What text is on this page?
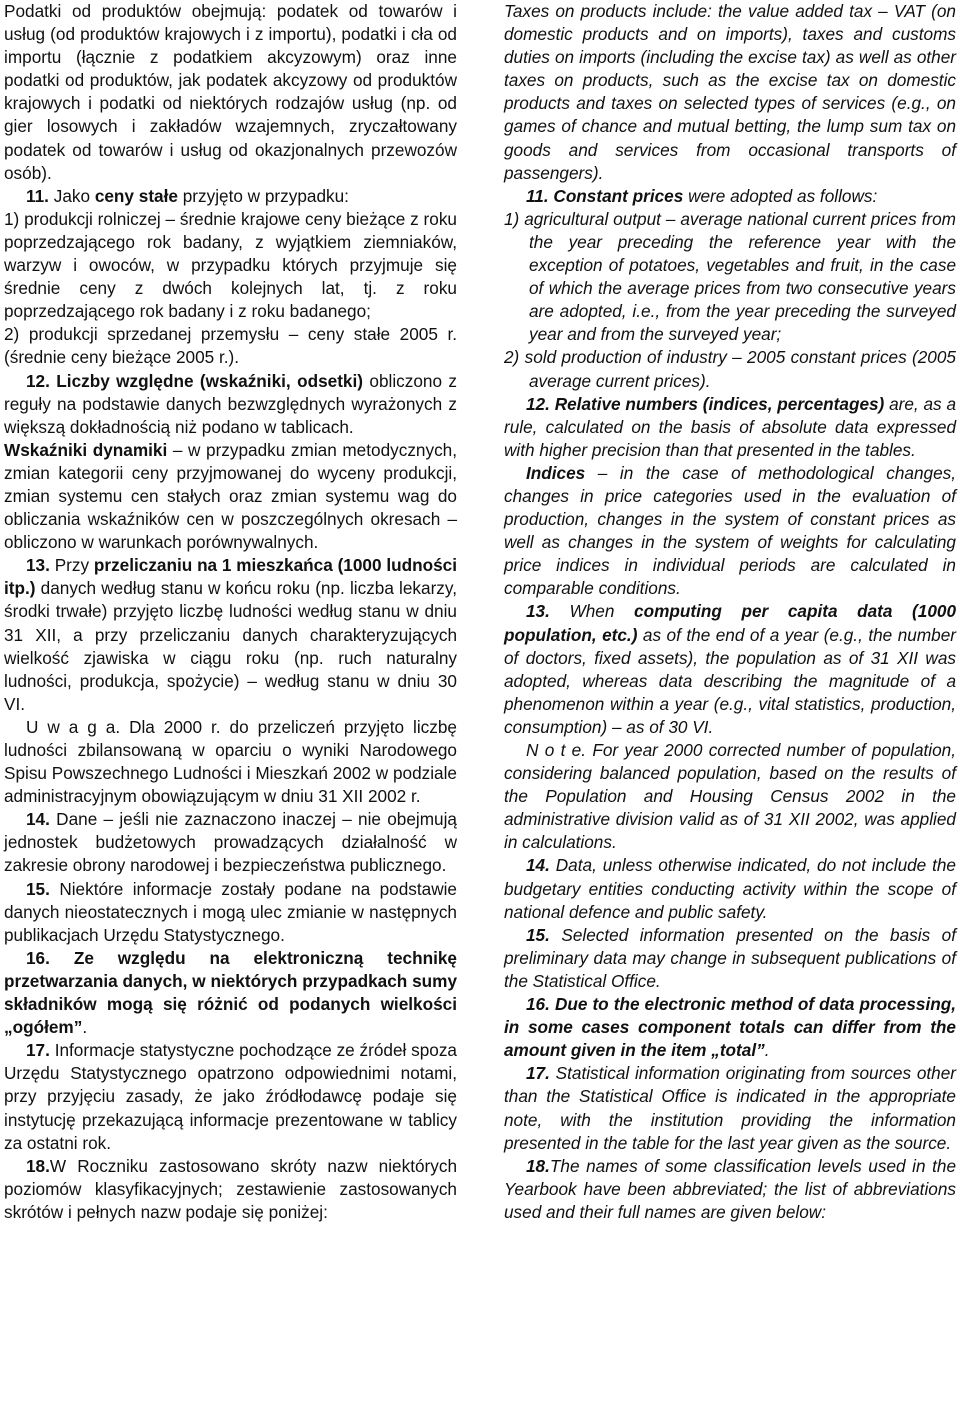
Podatki od produktów obejmują: podatek od towarów i usług (od produktów krajowych i z importu), podatki i cła od importu (łącznie z podatkiem akcyzowym) oraz inne podatki od produktów, jak podatek akcyzowy od produktów krajowych i podatki od niektórych rodzajów usług (np. od gier losowych i zakładów wzajemnych, zryczałtowany podatek od towarów i usług od okazjonalnych przewozów osób).

11. Jako ceny stałe przyjęto w przypadku:

1) produkcji rolniczej – średnie krajowe ceny bieżące z roku poprzedzającego rok badany, z wyjątkiem ziemniaków, warzyw i owoców, w przypadku których przyjmuje się średnie ceny z dwóch kolejnych lat, tj. z roku poprzedzającego rok badany i z roku badanego;

2) produkcji sprzedanej przemysłu – ceny stałe 2005 r. (średnie ceny bieżące 2005 r.).

12. Liczby względne (wskaźniki, odsetki) obliczono z reguły na podstawie danych bezwzględnych wyrażonych z większą dokładnością niż podano w tablicach.

Wskaźniki dynamiki – w przypadku zmian metodycznych, zmian kategorii ceny przyjmowanej do wyceny produkcji, zmian systemu cen stałych oraz zmian systemu wag do obliczania wskaźników cen w poszczególnych okresach – obliczono w warunkach porównywalnych.

13. Przy przeliczaniu na 1 mieszkańca (1000 ludności itp.) danych według stanu w końcu roku (np. liczba lekarzy, środki trwałe) przyjęto liczbę ludności według stanu w dniu 31 XII, a przy przeliczaniu danych charakteryzujących wielkość zjawiska w ciągu roku (np. ruch naturalny ludności, produkcja, spożycie) – według stanu w dniu 30 VI.

U w a g a. Dla 2000 r. do przeliczeń przyjęto liczbę ludności zbilansowaną w oparciu o wyniki Narodowego Spisu Powszechnego Ludności i Mieszkań 2002 w podziale administracyjnym obowiązującym w dniu 31 XII 2002 r.

14. Dane – jeśli nie zaznaczono inaczej – nie obejmują jednostek budżetowych prowadzących działalność w zakresie obrony narodowej i bezpieczeństwa publicznego.

15. Niektóre informacje zostały podane na podstawie danych nieostatecznych i mogą ulec zmianie w następnych publikacjach Urzędu Statystycznego.

16. Ze względu na elektroniczną technikę przetwarzania danych, w niektórych przypadkach sumy składników mogą się różnić od podanych wielkości „ogółem”.

17. Informacje statystyczne pochodzące ze źródeł spoza Urzędu Statystycznego opatrzono odpowiednimi notami, przy przyjęciu zasady, że jako źródłodawcę podaje się instytucję przekazującą informacje prezentowane w tablicy za ostatni rok.

18.W Roczniku zastosowano skróty nazw niektórych poziomów klasyfikacyjnych; zestawienie zastosowanych skrótów i pełnych nazw podaje się poniżej:

Taxes on products include: the value added tax – VAT (on domestic products and on imports), taxes and customs duties on imports (including the excise tax) as well as other taxes on products, such as the excise tax on domestic products and taxes on selected types of services (e.g., on games of chance and mutual betting, the lump sum tax on goods and services from occasional transports of passengers).

11. Constant prices were adopted as follows:

1) agricultural output – average national current prices from the year preceding the reference year with the exception of potatoes, vegetables and fruit, in the case of which the average prices from two consecutive years are adopted, i.e., from the year preceding the surveyed year and from the surveyed year;

2) sold production of industry – 2005 constant prices (2005 average current prices).

12. Relative numbers (indices, percentages) are, as a rule, calculated on the basis of absolute data expressed with higher precision than that presented in the tables.

Indices – in the case of methodological changes, changes in price categories used in the evaluation of production, changes in the system of constant prices as well as changes in the system of weights for calculating price indices in individual periods are calculated in comparable conditions.

13. When computing per capita data (1000 population, etc.) as of the end of a year (e.g., the number of doctors, fixed assets), the population as of 31 XII was adopted, whereas data describing the magnitude of a phenomenon within a year (e.g., vital statistics, production, consumption) – as of 30 VI.

N o t e. For year 2000 corrected number of population, considering balanced population, based on the results of the Population and Housing Census 2002 in the administrative division valid as of 31 XII 2002, was applied in calculations.

14. Data, unless otherwise indicated, do not include the budgetary entities conducting activity within the scope of national defence and public safety.

15. Selected information presented on the basis of preliminary data may change in subsequent publications of the Statistical Office.

16. Due to the electronic method of data processing, in some cases component totals can differ from the amount given in the item „total”.

17. Statistical information originating from sources other than the Statistical Office is indicated in the appropriate note, with the institution providing the information presented in the table for the last year given as the source.

18.The names of some classification levels used in the Yearbook have been abbreviated; the list of abbreviations used and their full names are given below:
